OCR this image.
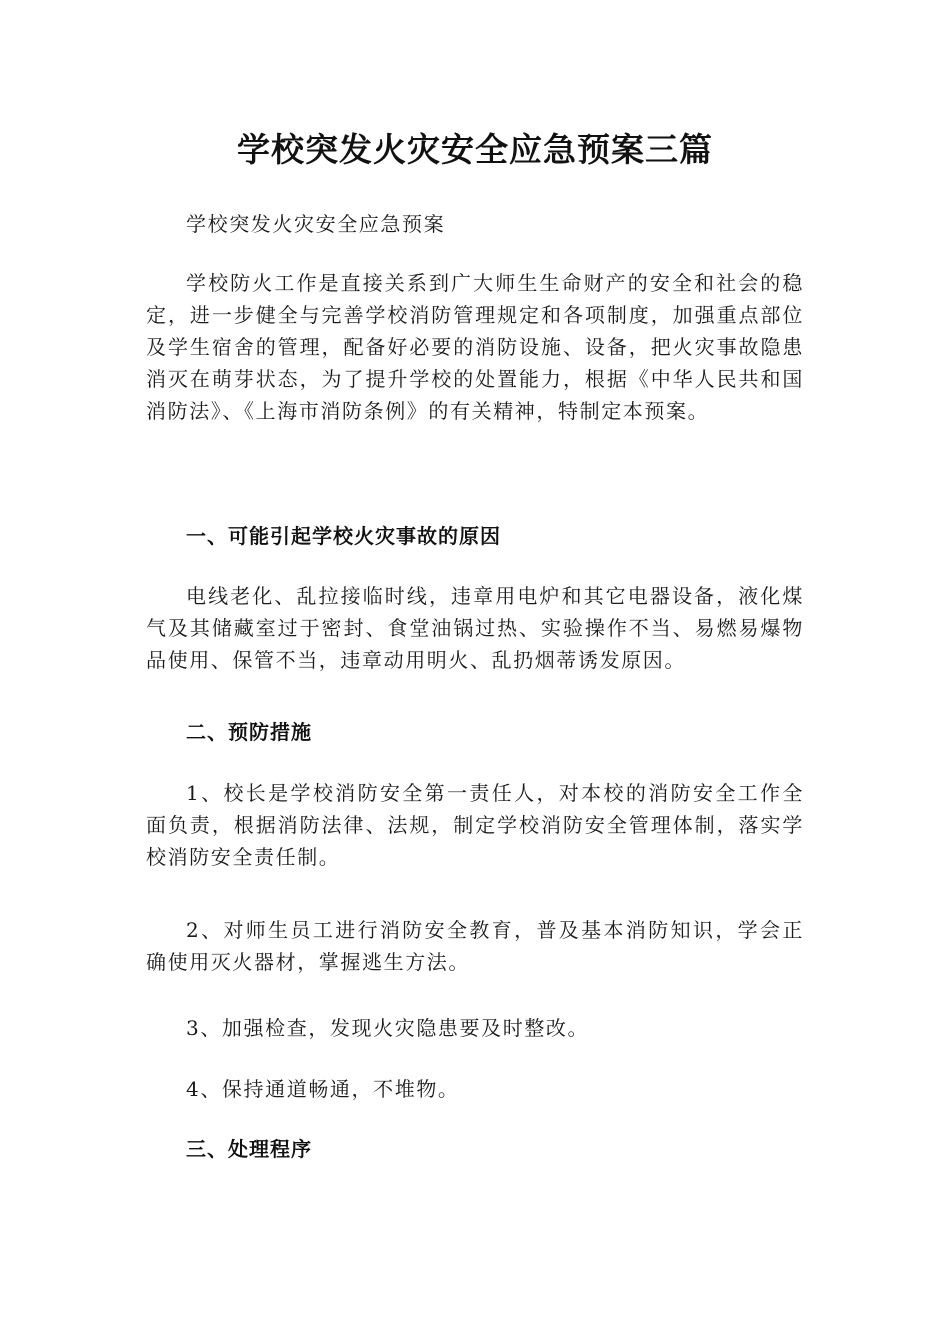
学校突发火灾安全应急预案三篇

学校突发火灾安全应急预案

学校防火工作是直接关系到广大师生生命财产的安全和社会的稳定，进一步健全与完善学校消防管理规定和各项制度，加强重点部位及学生宿舍的管理，配备好必要的消防设施、设备，把火灾事故隐患消灭在萌芽状态，为了提升学校的处置能力，根据《中华人民共和国消防法》、《上海市消防条例》的有关精神，特制定本预案。

一、可能引起学校火灾事故的原因

电线老化、乱拉接临时线，违章用电炉和其它电器设备，液化煤气及其储藏室过于密封、食堂油锅过热、实验操作不当、易燃易爆物品使用、保管不当，违章动用明火、乱扔烟蒂诱发原因。

二、预防措施

1、校长是学校消防安全第一责任人，对本校的消防安全工作全面负责，根据消防法律、法规，制定学校消防安全管理体制，落实学校消防安全责任制。

2、对师生员工进行消防安全教育，普及基本消防知识，学会正确使用灭火器材，掌握逃生方法。

3、加强检查，发现火灾隐患要及时整改。

4、保持通道畅通，不堆物。

三、处理程序
